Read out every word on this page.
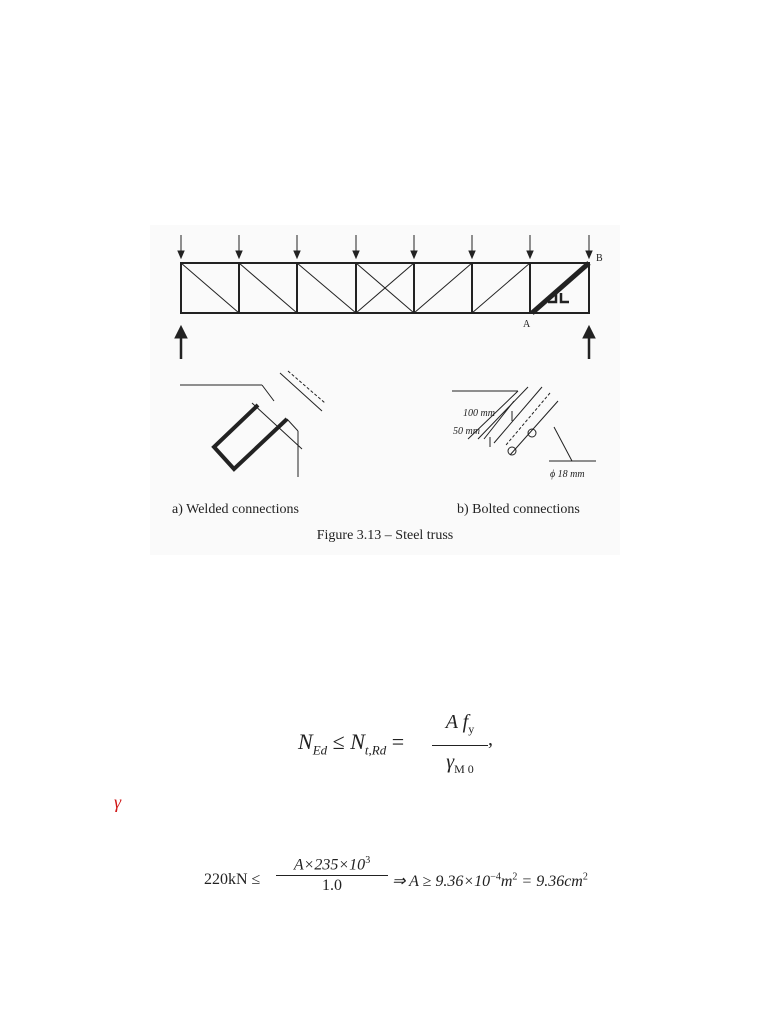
B
A
100 mm
50 mm
ϕ 18 mm
a) Welded connections	b) Bolted connections
Figure 3.13 – Steel truss
$N_{Ed} \le N_{t,Rd}$ =
A $f_y$
$\gamma_{M 0}$
,
γ
220kN ≤
$A\times 235\times 10^3$
1.0	⇒ $A \ge 9.36\times 10^{-4}m^2 = 9.36cm^2$
